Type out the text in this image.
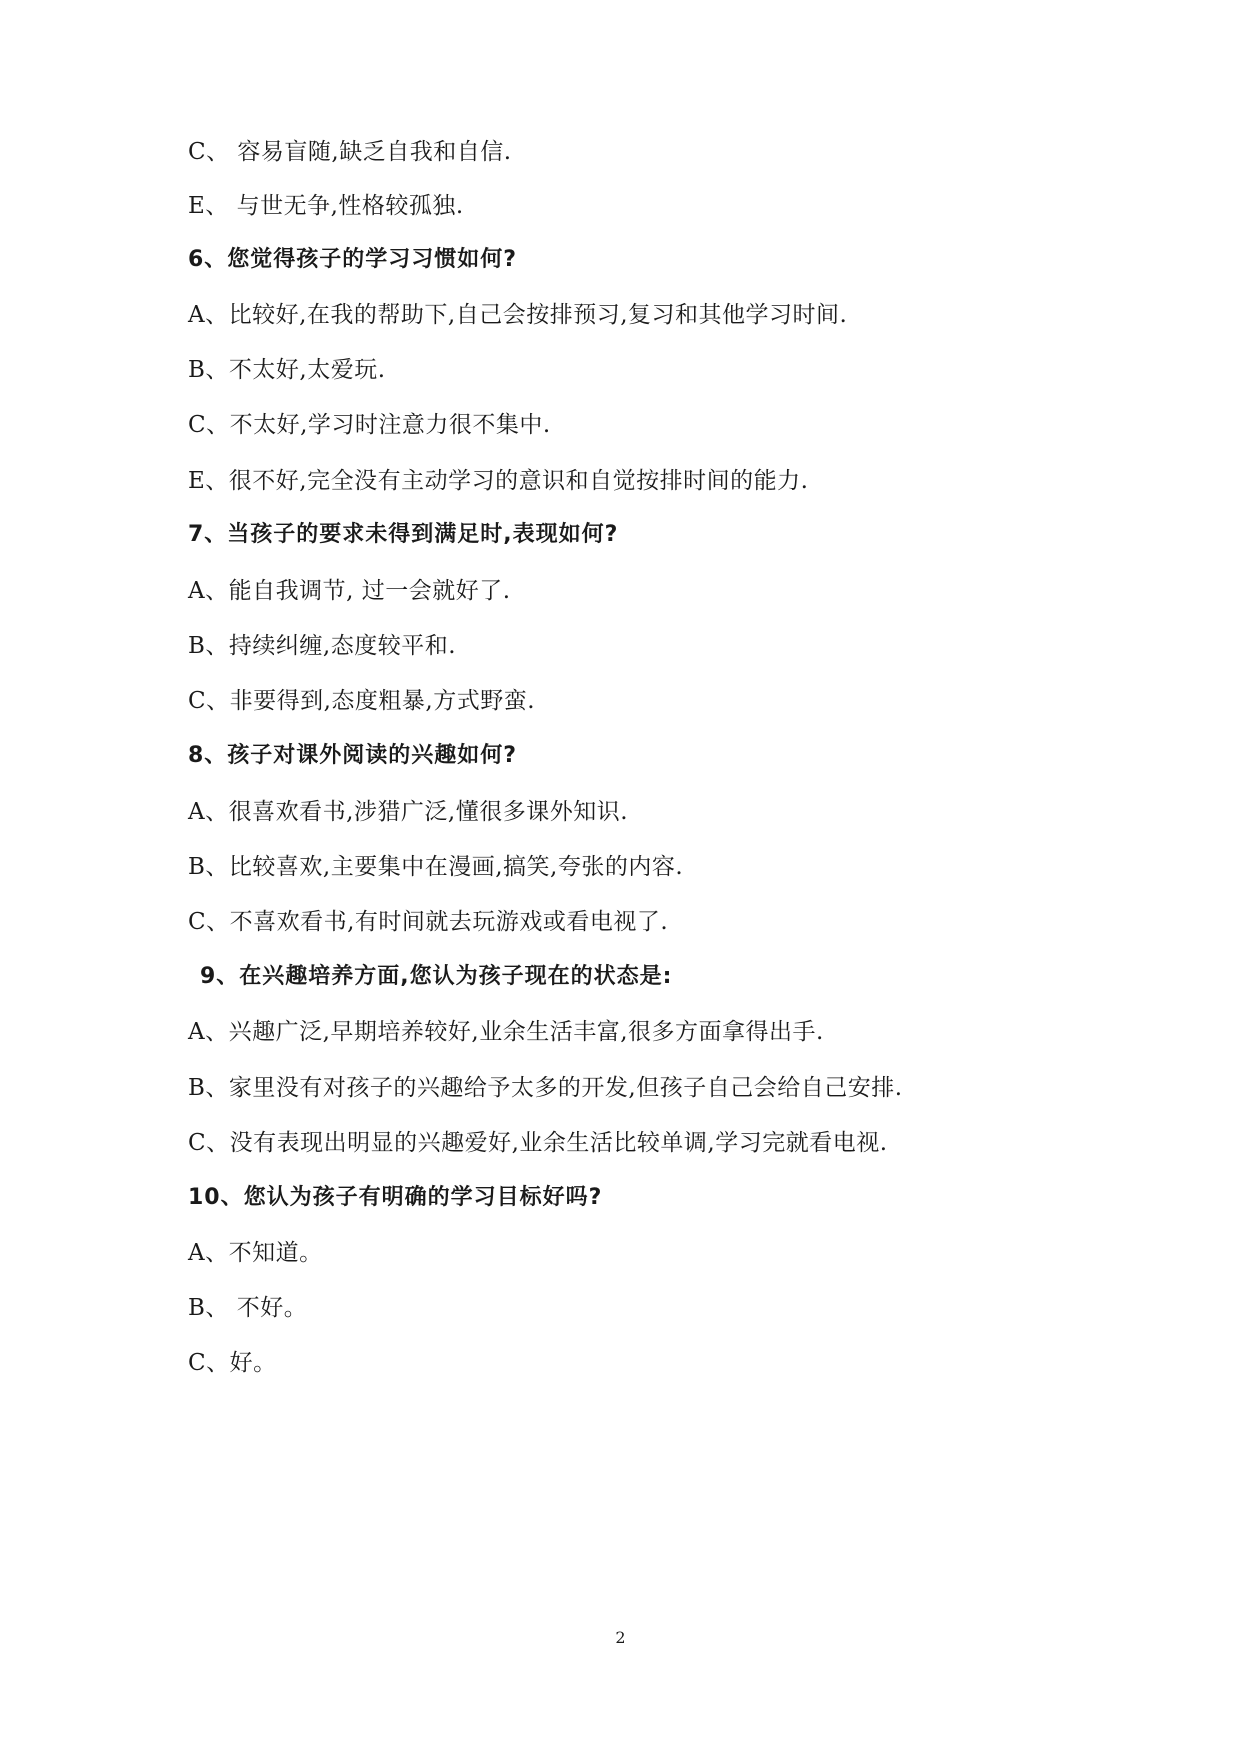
C、 容易盲随,缺乏自我和自信.
E、 与世无争,性格较孤独.
6、您觉得孩子的学习习惯如何?
A、比较好,在我的帮助下,自己会按排预习,复习和其他学习时间.
B、不太好,太爱玩.
C、不太好,学习时注意力很不集中.
E、很不好,完全没有主动学习的意识和自觉按排时间的能力.
7、当孩子的要求未得到满足时,表现如何?
A、能自我调节, 过一会就好了.
B、持续纠缠,态度较平和.
C、非要得到,态度粗暴,方式野蛮.
8、孩子对课外阅读的兴趣如何?
A、很喜欢看书,涉猎广泛,懂很多课外知识.
B、比较喜欢,主要集中在漫画,搞笑,夸张的内容.
C、不喜欢看书,有时间就去玩游戏或看电视了.
9、在兴趣培养方面,您认为孩子现在的状态是:
A、兴趣广泛,早期培养较好,业余生活丰富,很多方面拿得出手.
B、家里没有对孩子的兴趣给予太多的开发,但孩子自己会给自己安排.
C、没有表现出明显的兴趣爱好,业余生活比较单调,学习完就看电视.
10、您认为孩子有明确的学习目标好吗?
A、不知道。
B、 不好。
C、好。
2
